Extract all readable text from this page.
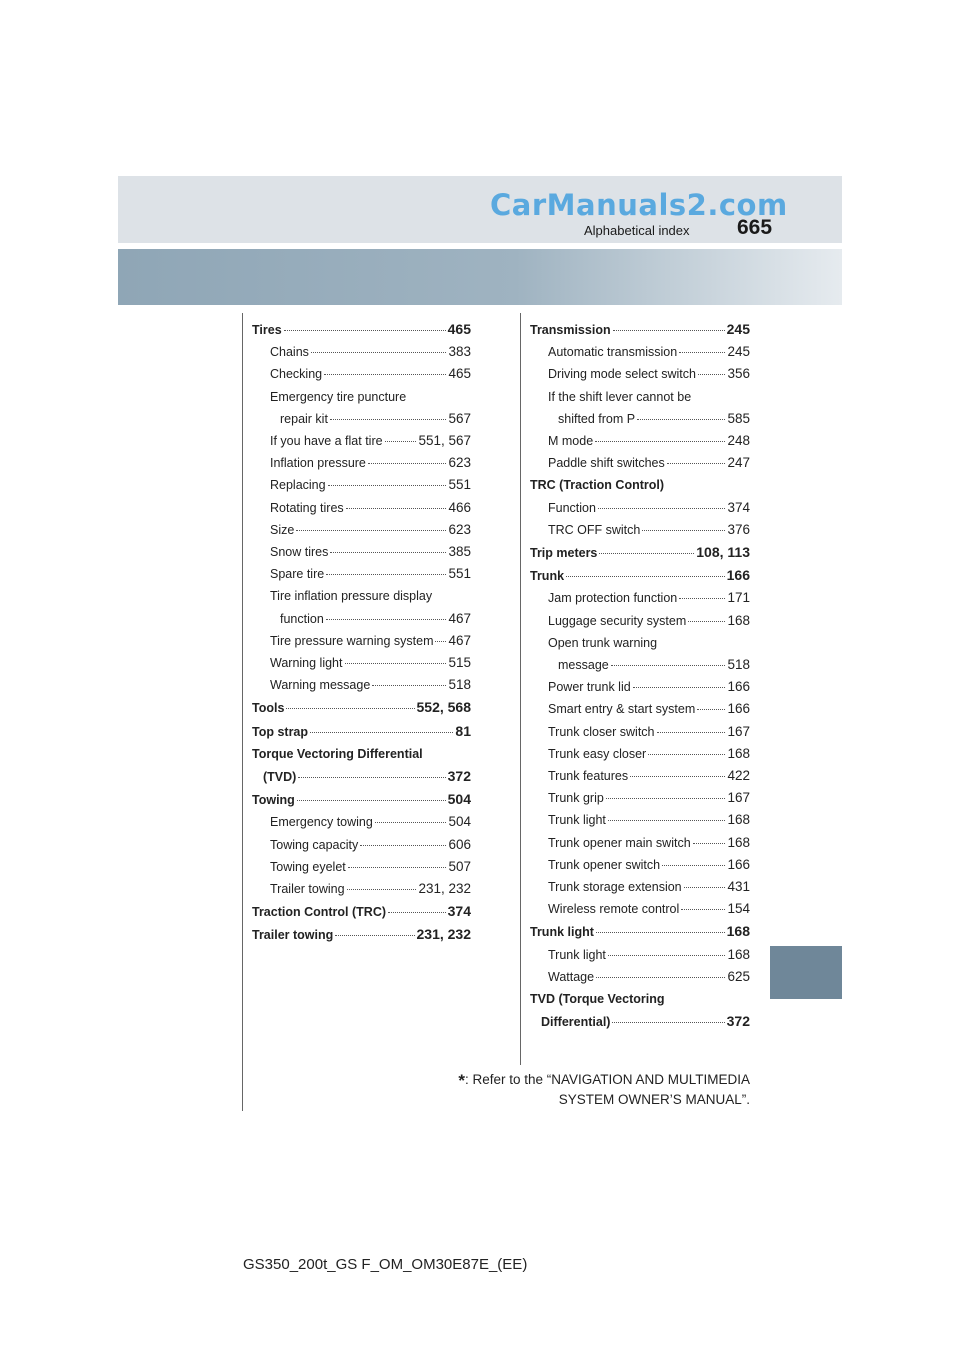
CarManuals2.com
Alphabetical index 665
Tires	465
Chains	383
Checking	465
Emergency tire puncture
repair kit	567
If you have a flat tire	551, 567
Inflation pressure	623
Replacing	551
Rotating tires	466
Size	623
Snow tires	385
Spare tire	551
Tire inflation pressure display
function	467
Tire pressure warning system 467
Warning light	515
Warning message	518
Tools	552, 568
Top strap	81
Torque Vectoring Differential
(TVD)	372
Towing	504
Emergency towing	504
Towing capacity	606
Towing eyelet	507
Trailer towing	231, 232
Traction Control (TRC)	374
Trailer towing	231, 232
Transmission	245
Automatic transmission	245
Driving mode select switch 356
If the shift lever cannot be
shifted from P	585
M mode	248
Paddle shift switches	247
TRC (Traction Control)
Function	374
TRC OFF switch	376
Trip meters	108, 113
Trunk	166
Jam protection function	171
Luggage security system	168
Open trunk warning
message	518
Power trunk lid	166
Smart entry & start system 166
Trunk closer switch	167
Trunk easy closer	168
Trunk features	422
Trunk grip	167
Trunk light	168
Trunk opener main switch	168
Trunk opener switch	166
Trunk storage extension	431
Wireless remote control	154
Trunk light	168
Trunk light	168
Wattage	625
TVD (Torque Vectoring
Differential)	372
*: Refer to the “NAVIGATION AND MULTIMEDIA
SYSTEM OWNER’S MANUAL”.
GS350_200t_GS F_OM_OM30E87E_(EE)
